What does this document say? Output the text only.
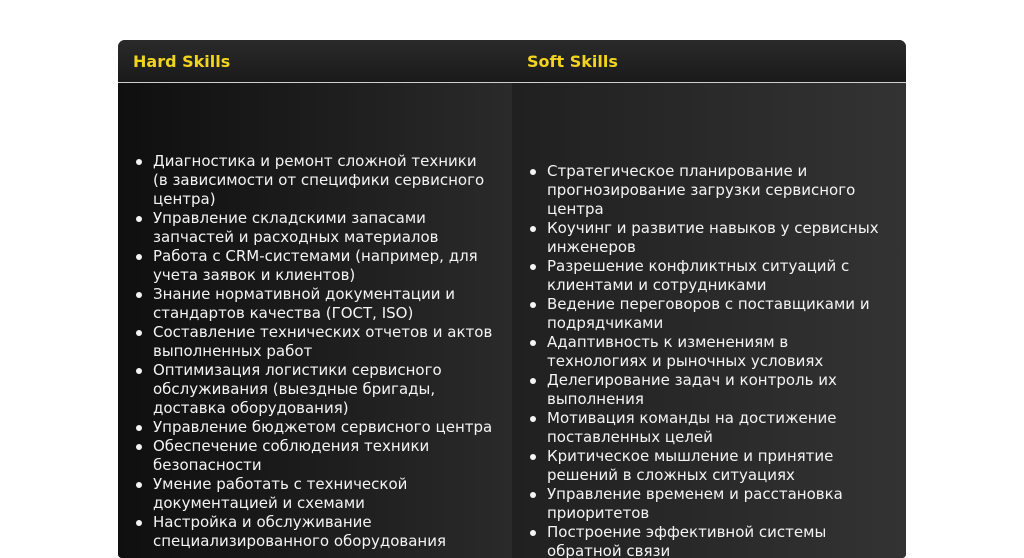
Hard Skills	Soft Skills
Диагностика и ремонт сложной техники (в зависимости от специфики сервисного центра)
Управление складскими запасами запчастей и расходных материалов
Работа с CRM-системами (например, для учета заявок и клиентов)
Знание нормативной документации и стандартов качества (ГОСТ, ISO)
Составление технических отчетов и актов выполненных работ
Оптимизация логистики сервисного обслуживания (выездные бригады, доставка оборудования)
Управление бюджетом сервисного центра
Обеспечение соблюдения техники безопасности
Умение работать с технической документацией и схемами
Настройка и обслуживание специализированного оборудования
Стратегическое планирование и прогнозирование загрузки сервисного центра
Коучинг и развитие навыков у сервисных инженеров
Разрешение конфликтных ситуаций с клиентами и сотрудниками
Ведение переговоров с поставщиками и подрядчиками
Адаптивность к изменениям в технологиях и рыночных условиях
Делегирование задач и контроль их выполнения
Мотивация команды на достижение поставленных целей
Критическое мышление и принятие решений в сложных ситуациях
Управление временем и расстановка приоритетов
Построение эффективной системы обратной связи
